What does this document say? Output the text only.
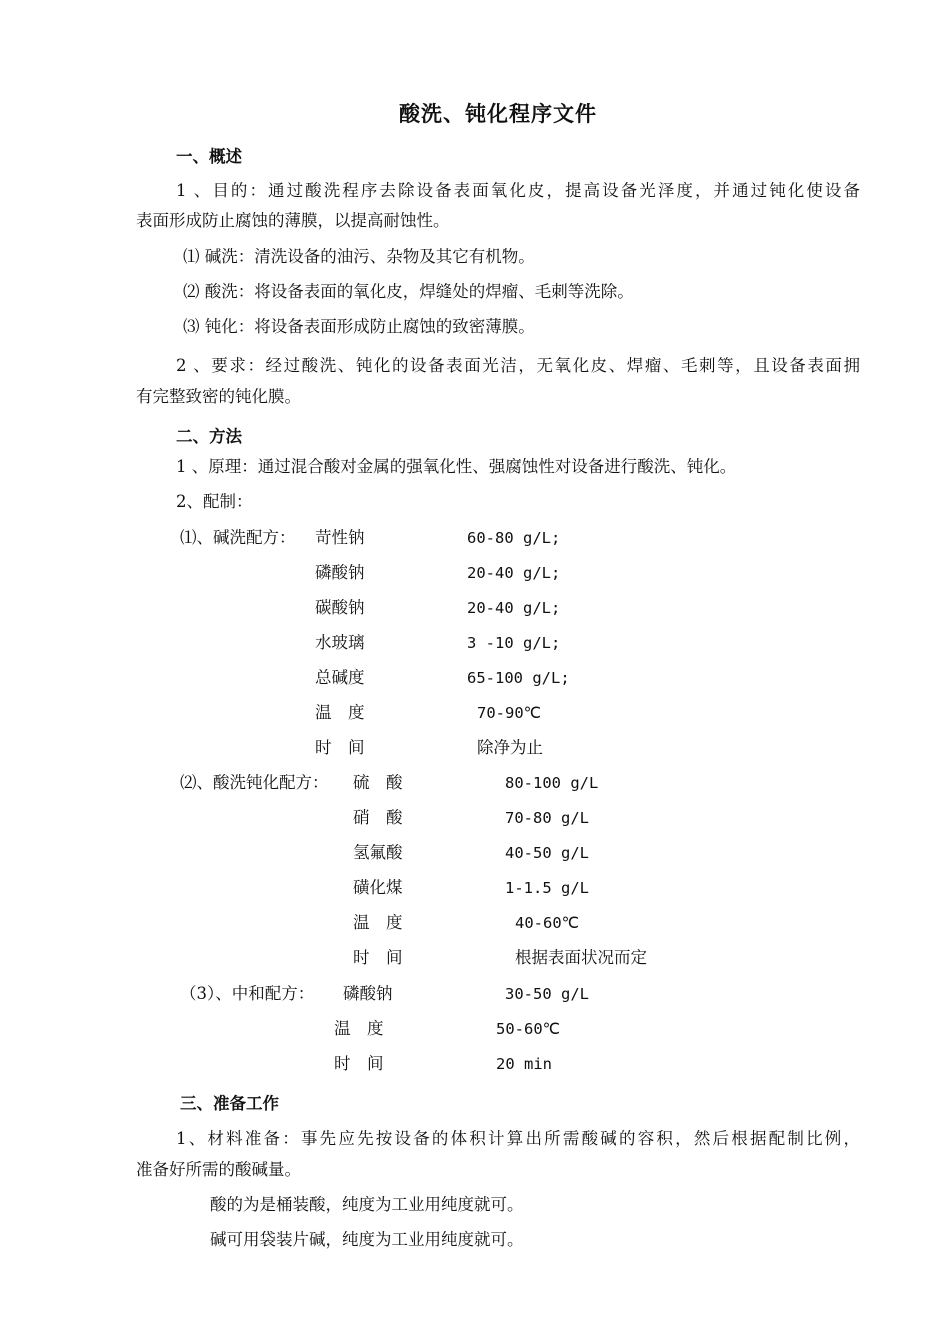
酸洗、钝化程序文件
一、概述
1 、目的：通过酸洗程序去除设备表面氧化皮，提高设备光泽度，并通过钝化使设备
表面形成防止腐蚀的薄膜，以提高耐蚀性。
⑴ 碱洗：清洗设备的油污、杂物及其它有机物。
⑵ 酸洗：将设备表面的氧化皮，焊缝处的焊瘤、毛刺等洗除。
⑶ 钝化：将设备表面形成防止腐蚀的致密薄膜。
2 、要求：经过酸洗、钝化的设备表面光洁，无氧化皮、焊瘤、毛刺等，且设备表面拥
有完整致密的钝化膜。
二、方法
1 、原理：通过混合酸对金属的强氧化性、强腐蚀性对设备进行酸洗、钝化。
2、配制：
⑴、碱洗配方： 苛性钠	60-80 g/L;
磷酸钠	20-40 g/L;
碳酸钠	20-40 g/L;
水玻璃	3 -10 g/L;
总碱度	65-100 g/L;
温　度	70-90℃
时　间	除净为止
⑵、酸洗钝化配方： 硫　酸	80-100 g/L
硝　酸	70-80 g/L
氢氟酸	40-50 g/L
磺化煤	1-1.5 g/L
温　度	40-60℃
时　间	根据表面状况而定
（3）、中和配方： 磷酸钠	30-50 g/L
温　度	50-60℃
时　间	20 min
三、准备工作
1、材料准备：事先应先按设备的体积计算出所需酸碱的容积，然后根据配制比例，
准备好所需的酸碱量。
酸的为是桶装酸，纯度为工业用纯度就可。
碱可用袋装片碱，纯度为工业用纯度就可。
